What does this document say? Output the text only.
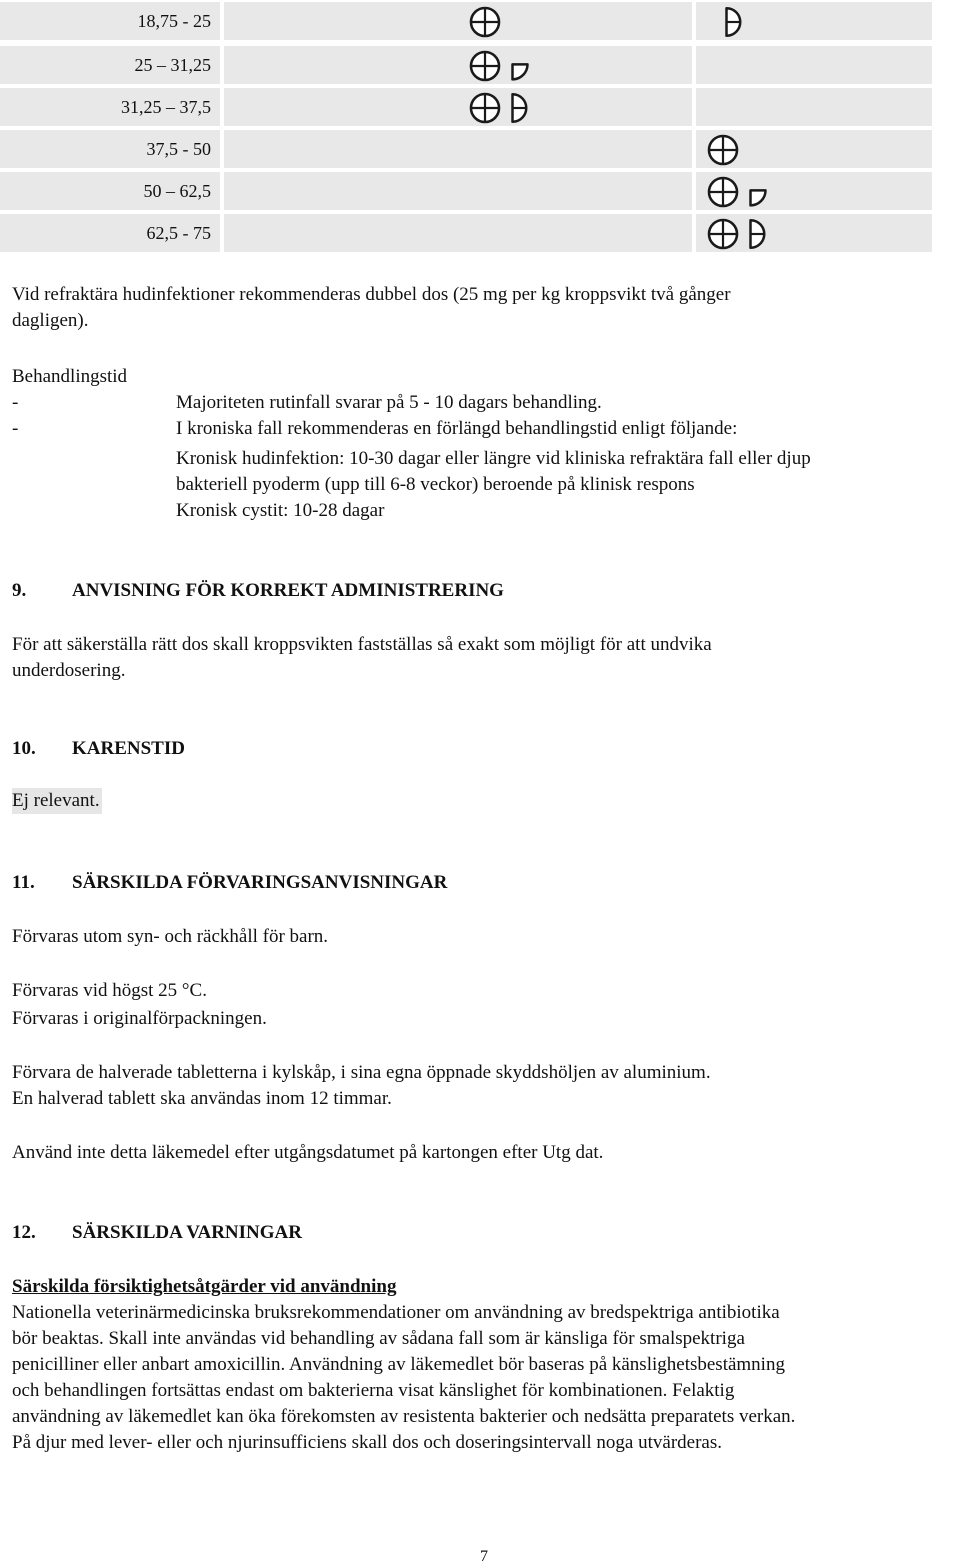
18,75 - 25
25 – 31,25
31,25 – 37,5
37,5 - 50
50 – 62,5
62,5 - 75
Vid refraktära hudinfektioner rekommenderas dubbel dos (25 mg per kg kroppsvikt två gånger
dagligen).
Behandlingstid
-	Majoriteten rutinfall svarar på 5 - 10 dagars behandling.
-	I kroniska fall rekommenderas en förlängd behandlingstid enligt följande:
Kronisk hudinfektion: 10-30 dagar eller längre vid kliniska refraktära fall eller djup
bakteriell pyoderm (upp till 6-8 veckor) beroende på klinisk respons
Kronisk cystit: 10-28 dagar
9. ANVISNING FÖR KORREKT ADMINISTRERING
För att säkerställa rätt dos skall kroppsvikten fastställas så exakt som möjligt för att undvika
underdosering.
10. KARENSTID
Ej relevant.
11. SÄRSKILDA FÖRVARINGSANVISNINGAR
Förvaras utom syn- och räckhåll för barn.
Förvaras vid högst 25 °C.
Förvaras i originalförpackningen.
Förvara de halverade tabletterna i kylskåp, i sina egna öppnade skyddshöljen av aluminium.
En halverad tablett ska användas inom 12 timmar.
Använd inte detta läkemedel efter utgångsdatumet på kartongen efter Utg dat.
12. SÄRSKILDA VARNINGAR
Särskilda försiktighetsåtgärder vid användning
Nationella veterinärmedicinska bruksrekommendationer om användning av bredspektriga antibiotika
bör beaktas. Skall inte användas vid behandling av sådana fall som är känsliga för smalspektriga
penicilliner eller anbart amoxicillin. Användning av läkemedlet bör baseras på känslighetsbestämning
och behandlingen fortsättas endast om bakterierna visat känslighet för kombinationen. Felaktig
användning av läkemedlet kan öka förekomsten av resistenta bakterier och nedsätta preparatets verkan.
På djur med lever- eller och njurinsufficiens skall dos och doseringsintervall noga utvärderas.
7
